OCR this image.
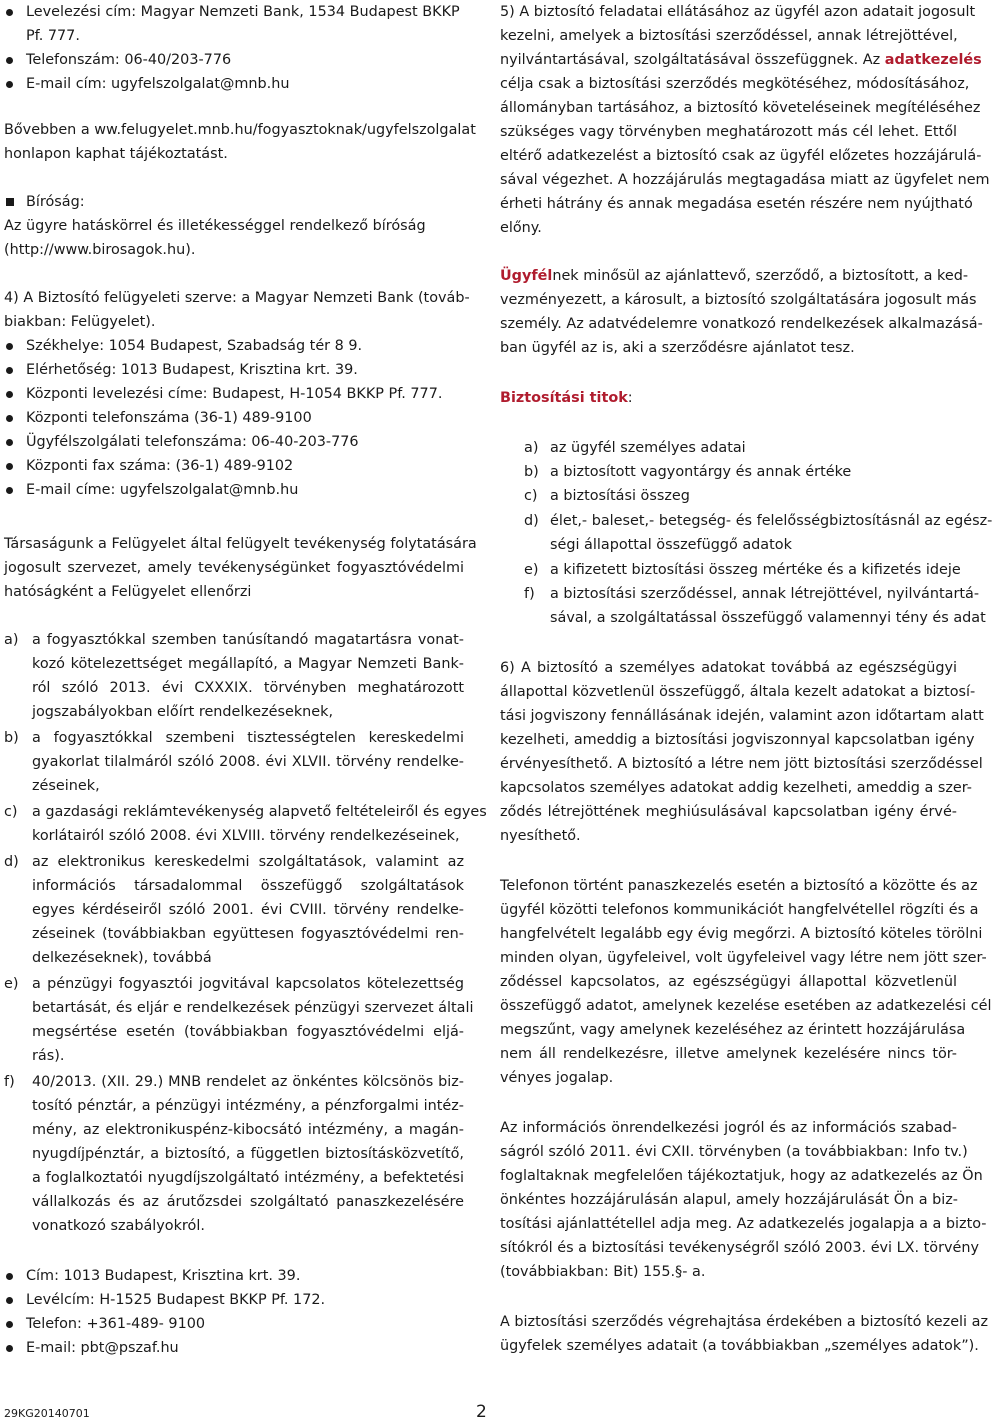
Levelezési cím: Magyar Nemzeti Bank, 1534 Budapest BKKP
Pf. 777.
Telefonszám: 06-40/203-776
E-mail cím: ugyfelszolgalat@mnb.hu
Bővebben a ww.felugyelet.mnb.hu/fogyasztoknak/ugyfelszolgalat
honlapon kaphat tájékoztatást.
Bíróság:
Az ügyre hatáskörrel és illetékességgel rendelkező bíróság
(http://www.birosagok.hu).
4) A Biztosító felügyeleti szerve: a Magyar Nemzeti Bank (továb-
biakban: Felügyelet).
Székhelye: 1054 Budapest, Szabadság tér 8 9.
Elérhetőség: 1013 Budapest, Krisztina krt. 39.
Központi levelezési címe: Budapest, H-1054 BKKP Pf. 777.
Központi telefonszáma (36-1) 489-9100
Ügyfélszolgálati telefonszáma: 06-40-203-776
Központi fax száma: (36-1) 489-9102
E-mail címe: ugyfelszolgalat@mnb.hu
Társaságunk a Felügyelet által felügyelt tevékenység folytatására
jogosult szervezet, amely tevékenységünket fogyasztóvédelmi
hatóságként a Felügyelet ellenőrzi
a) a fogyasztókkal szemben tanúsítandó magatartásra vonat-
kozó kötelezettséget megállapító, a Magyar Nemzeti Bank-
ról szóló 2013. évi CXXXIX. törvényben meghatározott
jogszabályokban előírt rendelkezéseknek,
b) a fogyasztókkal szembeni tisztességtelen kereskedelmi
gyakorlat tilalmáról szóló 2008. évi XLVII. törvény rendelke-
zéseinek,
c)	a gazdasági reklámtevékenység alapvető feltételeiről és egyes
korlátairól szóló 2008. évi XLVIII. törvény rendelkezéseinek,
d) az elektronikus kereskedelmi szolgáltatások, valamint az
információs társadalommal összefüggő szolgáltatások
egyes kérdéseiről szóló 2001. évi CVIII. törvény rendelke-
zéseinek (továbbiakban együttesen fogyasztóvédelmi ren-
delkezéseknek), továbbá
e) a pénzügyi fogyasztói jogvitával kapcsolatos kötelezettség
betartását, és eljár e rendelkezések pénzügyi szervezet általi
megsértése esetén (továbbiakban fogyasztóvédelmi eljá-
rás).
f)	40/2013. (XII. 29.) MNB rendelet az önkéntes kölcsönös biz-
tosító pénztár, a pénzügyi intézmény, a pénzforgalmi intéz-
mény, az elektronikuspénz-kibocsátó intézmény, a magán-
nyugdíjpénztár, a biztosító, a független biztosításközvetítő,
a foglalkoztatói nyugdíjszolgáltató intézmény, a befektetési
vállalkozás és az árutőzsdei szolgáltató panaszkezelésére
vonatkozó szabályokról.
Cím: 1013 Budapest, Krisztina krt. 39.
Levélcím: H-1525 Budapest BKKP Pf. 172.
Telefon: +361-489- 9100
E-mail: pbt@pszaf.hu
5) A biztosító feladatai ellátásához az ügyfél azon adatait jogosult
kezelni, amelyek a biztosítási szerződéssel, annak létrejöttével,
nyilvántartásával, szolgáltatásával összefüggnek. Az adatkezelés
célja csak a biztosítási szerződés megkötéséhez, módosításához,
állományban tartásához, a biztosító követeléseinek megítéléséhez
szükséges vagy törvényben meghatározott más cél lehet. Ettől
eltérő adatkezelést a biztosító csak az ügyfél előzetes hozzájárulá-
sával végezhet. A hozzájárulás megtagadása miatt az ügyfelet nem
érheti hátrány és annak megadása esetén részére nem nyújtható
előny.
Ügyfélnek minősül az ajánlattevő, szerződő, a biztosított, a ked-
vezményezett, a károsult, a biztosító szolgáltatására jogosult más
személy. Az adatvédelemre vonatkozó rendelkezések alkalmazásá-
ban ügyfél az is, aki a szerződésre ajánlatot tesz.
Biztosítási titok:
a) az ügyfél személyes adatai
b) a biztosított vagyontárgy és annak értéke
c) a biztosítási összeg
d) élet,- baleset,- betegség- és felelősségbiztosításnál az egész-
ségi állapottal összefüggő adatok
e) a kifizetett biztosítási összeg mértéke és a kifizetés ideje
f) a biztosítási szerződéssel, annak létrejöttével, nyilvántartá-
sával, a szolgáltatással összefüggő valamennyi tény és adat
6) A biztosító a személyes adatokat továbbá az egészségügyi
állapottal közvetlenül összefüggő, általa kezelt adatokat a biztosí-
tási jogviszony fennállásának idején, valamint azon időtartam alatt
kezelheti, ameddig a biztosítási jogviszonnyal kapcsolatban igény
érvényesíthető. A biztosító a létre nem jött biztosítási szerződéssel
kapcsolatos személyes adatokat addig kezelheti, ameddig a szer-
ződés létrejöttének meghiúsulásával kapcsolatban igény érvé-
nyesíthető.
Telefonon történt panaszkezelés esetén a biztosító a közötte és az
ügyfél közötti telefonos kommunikációt hangfelvétellel rögzíti és a
hangfelvételt legalább egy évig megőrzi. A biztosító köteles törölni
minden olyan, ügyfeleivel, volt ügyfeleivel vagy létre nem jött szer-
ződéssel kapcsolatos, az egészségügyi állapottal közvetlenül
összefüggő adatot, amelynek kezelése esetében az adatkezelési cél
megszűnt, vagy amelynek kezeléséhez az érintett hozzájárulása
nem áll rendelkezésre, illetve amelynek kezelésére nincs tör-
vényes jogalap.
Az információs önrendelkezési jogról és az információs szabad-
ságról szóló 2011. évi CXII. törvényben (a továbbiakban: Info tv.)
foglaltaknak megfelelően tájékoztatjuk, hogy az adatkezelés az Ön
önkéntes hozzájárulásán alapul, amely hozzájárulását Ön a biz-
tosítási ajánlattétellel adja meg. Az adatkezelés jogalapja a a bizto-
sítókról és a biztosítási tevékenységről szóló 2003. évi LX. törvény
(továbbiakban: Bit) 155.§- a.
A biztosítási szerződés végrehajtása érdekében a biztosító kezeli az
ügyfelek személyes adatait (a továbbiakban „személyes adatok”).
29KG20140701	2
